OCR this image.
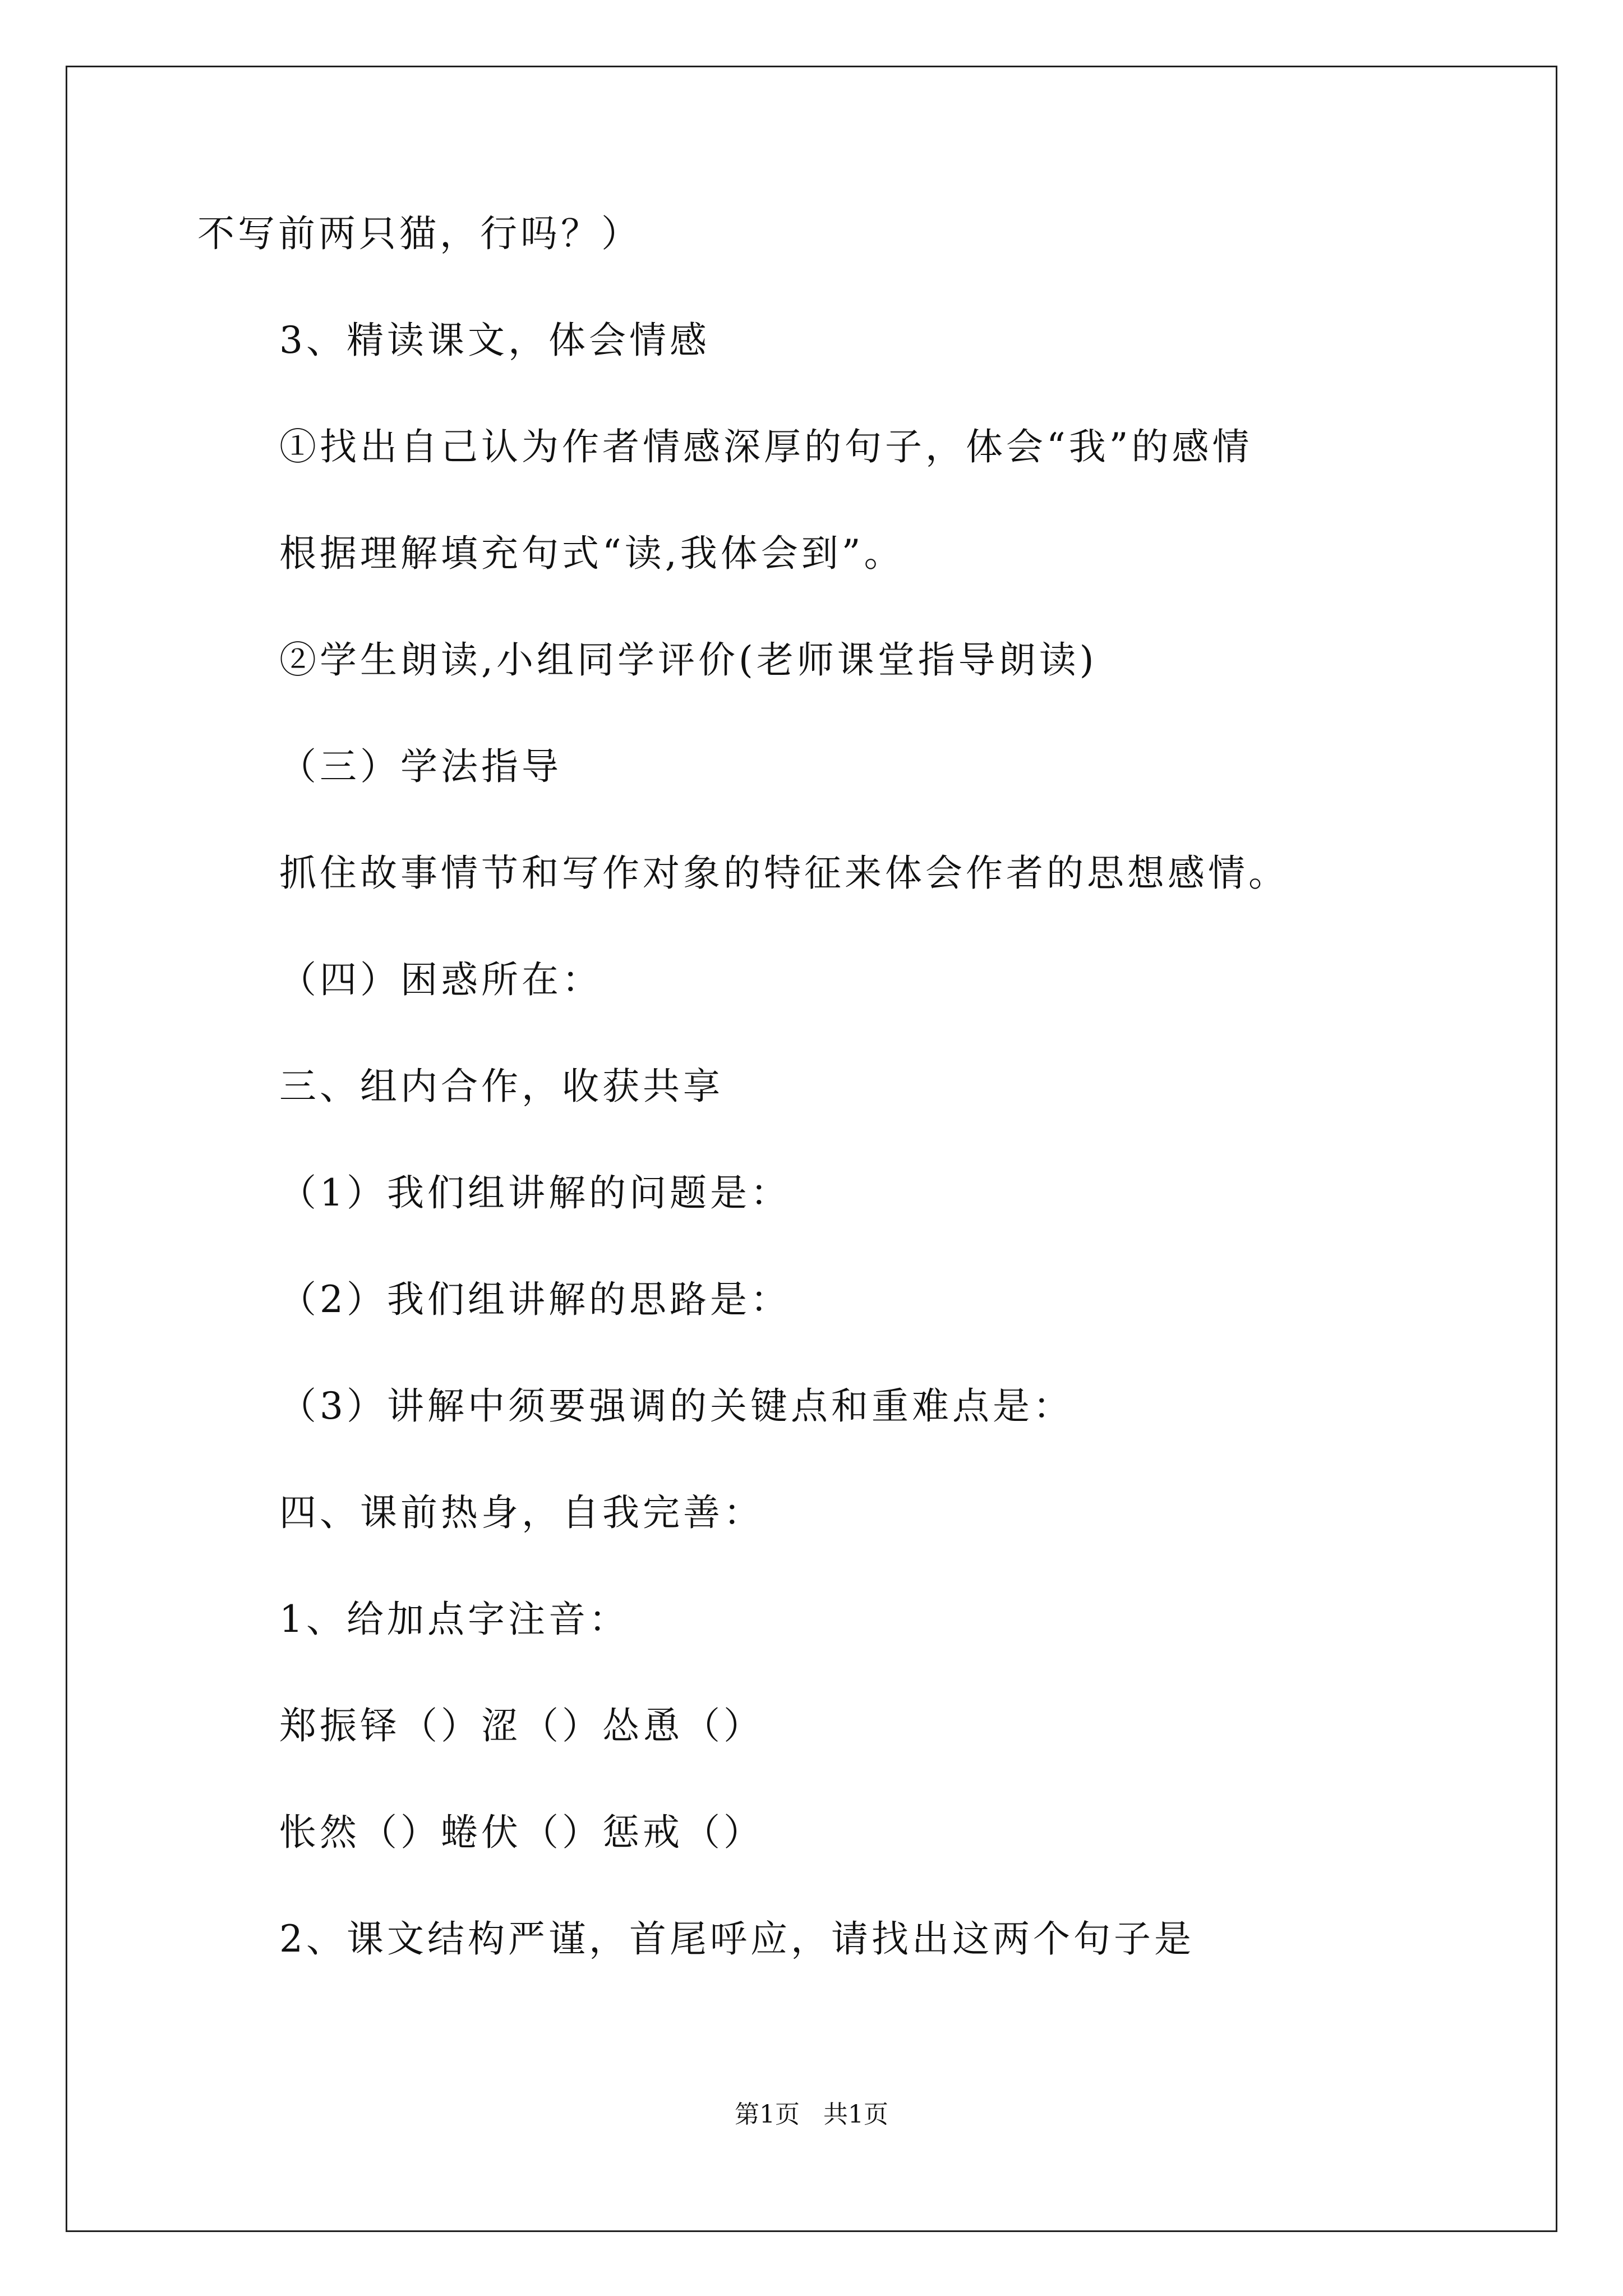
不写前两只猫，行吗？）
3、精读课文，体会情感
①找出自己认为作者情感深厚的句子，体会“我”的感情
根据理解填充句式“读,我体会到”。
②学生朗读,小组同学评价(老师课堂指导朗读)
（三）学法指导
抓住故事情节和写作对象的特征来体会作者的思想感情。
（四）困惑所在：
三、组内合作，收获共享
（1）我们组讲解的问题是：
（2）我们组讲解的思路是：
（3）讲解中须要强调的关键点和重难点是：
四、课前热身，自我完善：
1、给加点字注音：
郑振铎（）涩（）怂恿（）
怅然（）蜷伏（）惩戒（）
2、课文结构严谨，首尾呼应，请找出这两个句子是
第1页   共1页
